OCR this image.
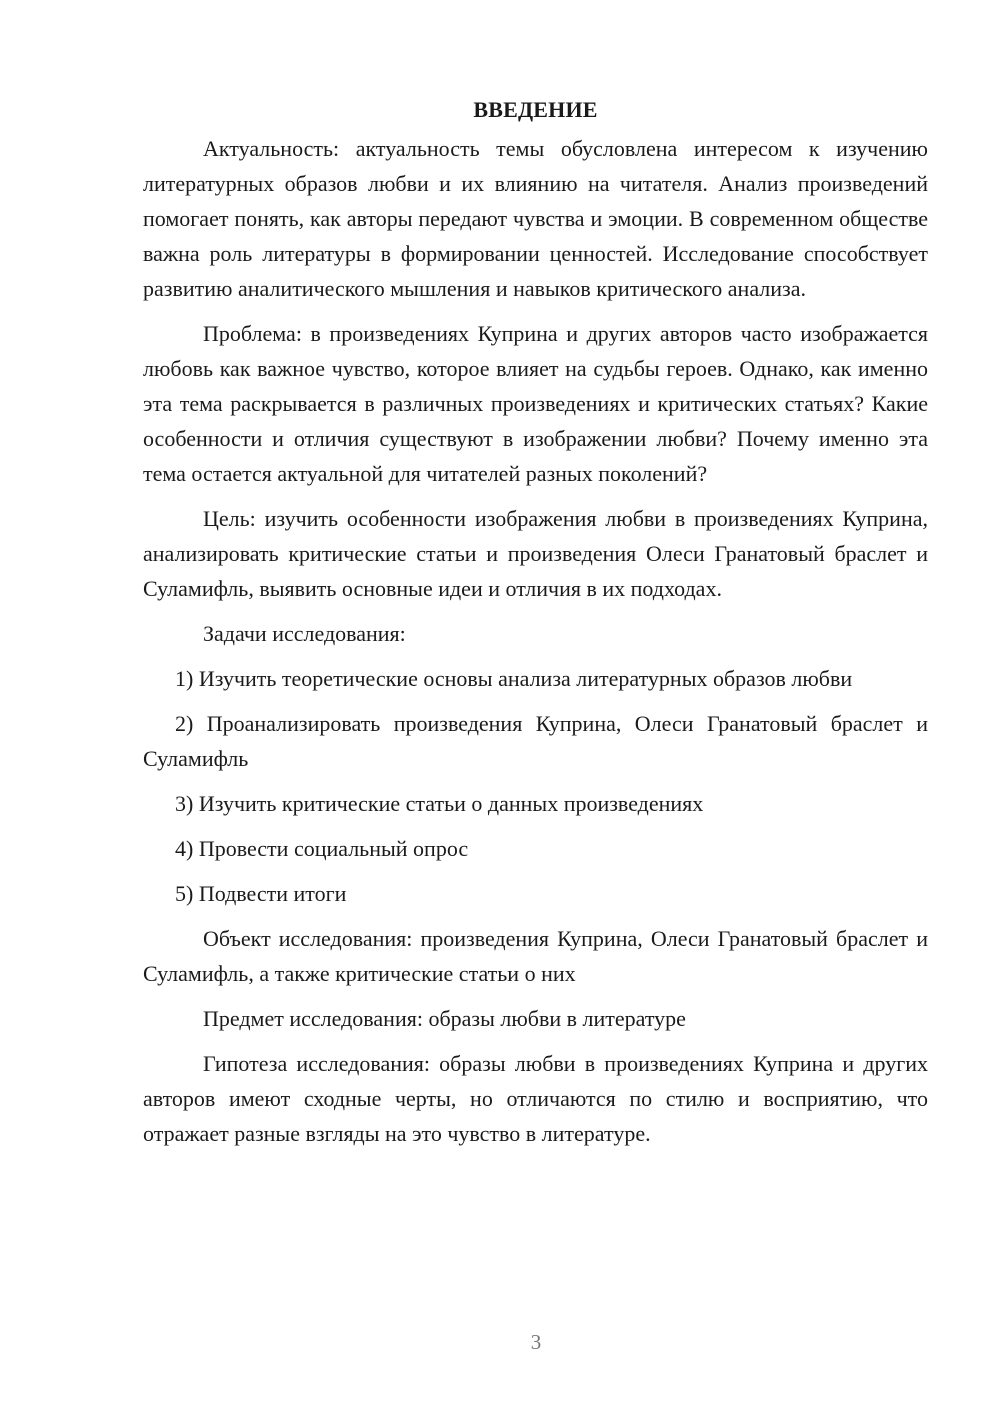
ВВЕДЕНИЕ

Актуальность: актуальность темы обусловлена интересом к изучению литературных образов любви и их влиянию на читателя. Анализ произведений помогает понять, как авторы передают чувства и эмоции. В современном обществе важна роль литературы в формировании ценностей. Исследование способствует развитию аналитического мышления и навыков критического анализа.

Проблема: в произведениях Куприна и других авторов часто изображается любовь как важное чувство, которое влияет на судьбы героев. Однако, как именно эта тема раскрывается в различных произведениях и критических статьях? Какие особенности и отличия существуют в изображении любви? Почему именно эта тема остается актуальной для читателей разных поколений?

Цель: изучить особенности изображения любви в произведениях Куприна, анализировать критические статьи и произведения Олеси Гранатовый браслет и Суламифль, выявить основные идеи и отличия в их подходах.

Задачи исследования:

1) Изучить теоретические основы анализа литературных образов любви

2) Проанализировать произведения Куприна, Олеси Гранатовый браслет и Суламифль

3) Изучить критические статьи о данных произведениях

4) Провести социальный опрос

5) Подвести итоги

Объект исследования: произведения Куприна, Олеси Гранатовый браслет и Суламифль, а также критические статьи о них

Предмет исследования: образы любви в литературе

Гипотеза исследования: образы любви в произведениях Куприна и других авторов имеют сходные черты, но отличаются по стилю и восприятию, что отражает разные взгляды на это чувство в литературе.

3
